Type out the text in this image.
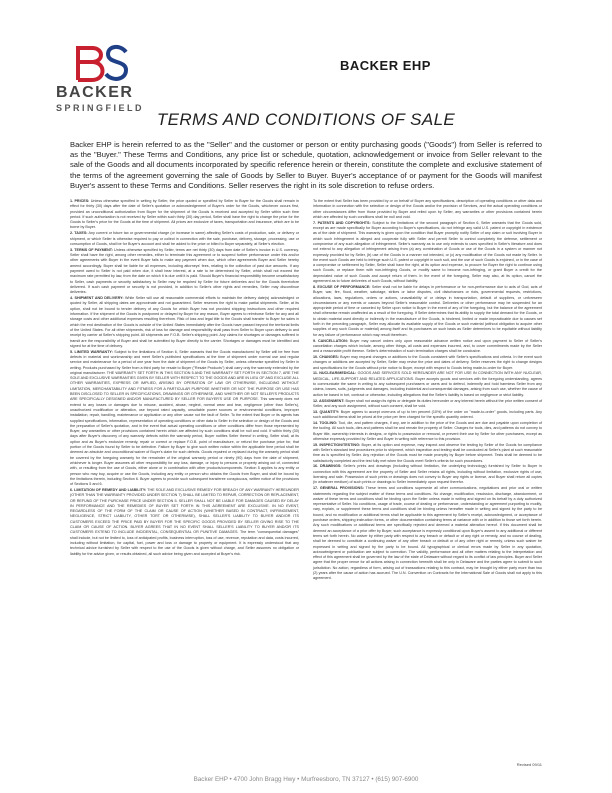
BACKER
SPRINGFIELD
BACKER EHP
TERMS AND CONDITIONS OF SALE
Backer EHP is herein referred to as the "Seller" and the customer or person or entity purchasing goods ("Goods") from Seller is referred to as the "Buyer." These Terms and Conditions, any price list or schedule, quotation, acknowledgement or invoice from Seller relevant to the sale of the Goods and all documents incorporated by specific reference herein or therein, constitute the complete and exclusive statement of the terms of the agreement governing the sale of Goods by Seller to Buyer. Buyer's acceptance of or payment for the Goods will manifest Buyer's assent to these Terms and Conditions. Seller reserves the right in its sole discretion to refuse orders.

1. PRICES: Unless otherwise specified in writing by Seller, the price quoted or specified by Seller to Buyer for the Goods shall remain in effect for thirty (30) days after the date of Seller's quotation or acknowledgement of Buyer's order for the Goods, whichever occurs first, provided an unconditional authorization from Buyer for the shipment of the Goods is received and accepted by Seller within such time period. If such authorization is not received by Seller within such thirty (30) day period, Seller shall have the right to change the price for the Goods to Seller's price for the Goods at the time of shipment. All prices are exclusive of taxes, transportation and insurance, which are to be borne by Buyer.

2. TAXES: Any current or future tax or governmental charge (or increase in same) affecting Seller's costs of production, sale, or delivery or shipment, or which Seller is otherwise required to pay or collect in connection with the sale, purchase, delivery, storage, processing, use or consumption of Goods, shall be for Buyer's account and shall be added to the price or billed to Buyer separately, at Seller's election.

3. TERMS OF PAYMENT: Unless otherwise specified by Seller, terms are net thirty (30) days from date of Seller's invoice in U.S. currency. Seller shall have the right, among other remedies, either to terminate this agreement or to suspend further performance under this and/or other agreements with Buyer in the event Buyer fails to make any payment when due, which other agreements Buyer and Seller hereby amend accordingly. Buyer shall be liable for all expenses, including attorneys' fees, relating to the collection of past due amounts. If any payment owed to Seller is not paid when due, it shall bear interest, at a rate to be determined by Seller, which shall not exceed the maximum rate permitted by law, from the date on which it is due until it is paid. Should Buyer's financial responsibility become unsatisfactory to Seller, cash payments or security satisfactory to Seller may be required by Seller for future deliveries and for the Goods theretofore delivered. If such cash payment or security is not provided, in addition to Seller's other rights and remedies, Seller may discontinue deliveries.

4. SHIPMENT AND DELIVERY: While Seller will use all reasonable commercial efforts to maintain the delivery date(s) acknowledged or quoted by Seller, all shipping dates are approximate and not guaranteed. Seller reserves the right to make partial shipments. Seller, at its option, shall not be bound to tender delivery of any Goods for which Buyer has not provided shipping instructions and other required information. If the shipment of the Goods is postponed or delayed by Buyer for any reason, Buyer agrees to reimburse Seller for any and all storage costs and other additional expenses resulting therefrom. Risk of loss and legal title to the Goods shall transfer to Buyer for sales in which the end destination of the Goods is outside of the United States immediately after the Goods have passed beyond the territorial limits of the United States. For all other shipments, risk of loss for damage and responsibility shall pass from Seller to Buyer upon delivery to and receipt by carrier at Seller's shipping point. All shipments are F.O.B. Seller's shipping point. Any claims for shortages or damages suffered in transit are the responsibility of Buyer and shall be submitted by Buyer directly to the carrier. Shortages or damages must be identified and signed for at the time of delivery.

5. LIMITED WARRANTY: Subject to the limitations of Section 6, Seller warrants that the Goods manufactured by Seller will be free from defects in material and workmanship and meet Seller's published specifications at the time of shipment under normal use and regular service and maintenance for a period of one year from the date of shipment of the Goods by Seller, unless otherwise specified by Seller in writing. Products purchased by Seller from a third party for resale to Buyer ("Resale Products") shall carry only the warranty extended by the original manufacturer. THE WARRANTY SET FORTH IN THIS SECTION 5 AND THE WARRANTY SET FORTH IN SECTION 7, ARE THE SOLE AND EXCLUSIVE WARRANTIES GIVEN BY SELLER WITH RESPECT TO THE GOODS AND ARE IN LIEU OF AND EXCLUDE ALL OTHER WARRANTIES, EXPRESS OR IMPLIED, ARISING BY OPERATION OF LAW OR OTHERWISE, INCLUDING WITHOUT LIMITATION, MERCHANTABILITY AND FITNESS FOR A PARTICULAR PURPOSE WHETHER OR NOT THE PURPOSE OR USE HAS BEEN DISCLOSED TO SELLER IN SPECIFICATIONS, DRAWINGS OR OTHERWISE, AND WHETHER OR NOT SELLER'S PRODUCTS ARE SPECIFICALLY DESIGNED AND/OR MANUFACTURED BY SELLER FOR BUYER'S USE OR PURPOSE. This warranty does not extend to any losses or damages due to misuse, accident, abuse, neglect, normal wear and tear, negligence (other than Seller's), unauthorized modification or alteration, use beyond rated capacity, unsuitable power sources or environmental conditions, improper installation, repair, handling, maintenance or application or any other cause not the fault of Seller. To the extent that Buyer or its agents has supplied specifications, information, representation of operating conditions or other data to Seller in the selection or design of the Goods and the preparation of Seller's quotation, and in the event that actual operating conditions or other conditions differ from those represented by Buyer, any warranties or other provisions contained herein which are affected by such conditions shall be null and void. If within thirty (30) days after Buyer's discovery of any warranty defects within the warranty period, Buyer notifies Seller thereof in writing, Seller shall, at its option and as Buyer's exclusive remedy, repair or correct or replace F.O.B. point of manufacture, or refund the purchase price for, that portion of the Goods found by Seller to be defective. Failure by Buyer to give such written notice within the applicable time period shall be deemed an absolute and unconditional waiver of Buyer's claim for such defects. Goods repaired or replaced during the warranty period shall be covered by the foregoing warranty for the remainder of the original warranty period or ninety (90) days from the date of shipment, whichever is longer. Buyer assumes all other responsibility for any loss, damage, or injury to persons or property arising out of, connected with, or resulting from the use of Goods, either alone or in combination with other products/components. Section 5 applies to any entity or person who may buy, acquire or use the Goods, including any entity or person who obtains the Goods from Buyer, and shall be bound by the limitations therein, including Section 6. Buyer agrees to provide such subsequent transferee conspicuous, written notice of the provisions of Sections 5 and 6.

6. LIMITATION OF REMEDY AND LIABILITY: THE SOLE AND EXCLUSIVE REMEDY FOR BREACH OF ANY WARRANTY HEREUNDER (OTHER THAN THE WARRANTY PROVIDED UNDER SECTION 7) SHALL BE LIMITED TO REPAIR, CORRECTION OR REPLACEMENT, OR REFUND OF THE PURCHASE PRICE UNDER SECTION 5. SELLER SHALL NOT BE LIABLE FOR DAMAGES CAUSED BY DELAY IN PERFORMANCE AND THE REMEDIES OF BUYER SET FORTH IN THIS AGREEMENT ARE EXCLUSIVE. IN NO EVENT, REGARDLESS OF THE FORM OF THE CLAIM OR CAUSE OF ACTION (WHETHER BASED IN CONTRACT, INFRINGEMENT, NEGLIGENCE, STRICT LIABILITY, OTHER TORT OR OTHERWISE), SHALL SELLER'S LIABILITY TO BUYER AND/OR ITS CUSTOMERS EXCEED THE PRICE PAID BY BUYER FOR THE SPECIFIC GOODS PROVIDED BY SELLER GIVING RISE TO THE CLAIM OR CAUSE OF ACTION. BUYER AGREES THAT IN NO EVENT SHALL SELLER'S LIABILITY TO BUYER AND/OR ITS CUSTOMERS EXTEND TO INCLUDE INCIDENTAL, CONSEQUENTIAL OR PUNITIVE DAMAGES. The term "consequential damages" shall include, but not be limited to, loss of anticipated profits, business interruption, loss of use, revenue, reputation and data, costs incurred, including without limitation, for capital, fuel, power and loss or damage to property or equipment. It is expressly understood that any technical advice furnished by Seller with respect to the use of the Goods is given without charge, and Seller assumes no obligation or liability for the advice given, or results obtained, all such advice being given and accepted at Buyer's risk.

To the extent that Seller has been provided by or on behalf of Buyer any specifications, description of operating conditions or other data and information in connection with the selection or design of the Goods and/or the provision of Services, and the actual operating conditions or other circumstances differ from those provided by Buyer and relied upon by Seller, any warranties or other provisions contained herein which are affected by such conditions shall be null and void.

7. PATENTS AND COPYRIGHTS: Subject to the limitations of the second paragraph of Section 6, Seller warrants that the Goods sold, except as are made specifically for Buyer according to Buyer's specifications, do not infringe any valid U.S. patent or copyright in existence as of the date of shipment. This warranty is given upon the condition that Buyer promptly notify Seller of any claim or suit involving Buyer in which such infringement is alleged and cooperate fully with Seller and permit Seller to control completely the defense, settlement or compromise of any such allegation of infringement. Seller's warranty as to use only extends to uses specified in Seller's literature and does not extend to any allegation of infringement arising from (a) any combination of Goods or use of the Goods in a system or manner not expressly provided for by Seller, (b) use of the Goods in a manner not intended, or (c) any modification of the Goods not made by Seller. In the event such Goods are held to infringe such U.S. patent or copyright in such suit, and the use of such Goods is enjoined, or in the case of a compromise or settlement by Seller, Seller shall have the right, at its option and expense, to procure for Buyer the right to continue using such Goods, or replace them with non-infringing Goods, or modify same to become non-infringing, or grant Buyer a credit for the depreciated value of such Goods and accept return of them. In the event of the foregoing, Seller may also, at its option, cancel the agreement as to future deliveries of such Goods, without liability.

8. EXCUSE OF PERFORMANCE: Seller shall not be liable for delays in performance or for non-performance due to acts of God, acts of Buyer, war, fire, flood, weather, sabotage, strikes or labor disputes, civil disturbances or riots, governmental requests, restrictions, allocations, laws, regulations, orders or actions, unavailability of or delays in transportation, default of suppliers, or unforeseen circumstances or any events or causes beyond Seller's reasonable control. Deliveries or other performance may be suspended for an appropriate period of time or canceled by Seller upon notice to Buyer in the event of any of the foregoing, but the balance of the agreement shall otherwise remain unaffected as a result of the foregoing. If Seller determines that its ability to supply the total demand for the Goods, or to obtain material used directly or indirectly in the manufacture of the Goods, is hindered, limited or made impracticable due to causes set forth in the preceding paragraph, Seller may allocate its available supply of the Goods or such material (without obligation to acquire other supplies of any such Goods or material) among itself and its purchasers on such basis as Seller determines to be equitable without liability for any failure of performance which may result therefrom.

9. CANCELLATION: Buyer may cancel orders only upon reasonable advance written notice and upon payment to Seller of Seller's cancellation charges which include, among other things, all costs and expenses incurred, and, to cover commitments made by the Seller and a reasonable profit thereon. Seller's determination of such termination charges shall be conclusive.

10. CHANGES: Buyer may request changes or additions to the Goods consistent with Seller's specifications and criteria. In the event such changes or additions are accepted by Seller, Seller may revise the price and dates of delivery. Seller reserves the right to change designs and specifications for the Goods without prior notice to Buyer, except with respect to Goods being made-to-order for Buyer.

11. NUCLEAR/MEDICAL: GOODS AND SERVICES SOLD HEREUNDER ARE NOT FOR USE IN CONNECTION WITH ANY NUCLEAR, MEDICAL, LIFE-SUPPORT AND RELATED APPLICATIONS. Buyer accepts goods and services with the foregoing understanding, agrees to communicate the same in writing to any subsequent purchasers or users and to defend, indemnify and hold harmless Seller from any claims, losses, suits, judgments and damages, including incidental and consequential damages, arising from such use, whether the cause of action be based in tort, contract or otherwise, including allegations that the Seller's liability is based on negligence or strict liability.

12. ASSIGNMENT: Buyer shall not assign its rights or delegate its duties hereunder or any interest herein without the prior written consent of Seller, and any such assignment, without such consent, shall be void.

13. QUANTITY: Buyer agrees to accept overruns of up to ten percent (10%) of the order on "made-to-order" goods, including parts. Any such additional items shall be priced at the price per item charged for the specific quantity ordered.

14. TOOLING: Tool, die, and pattern charges, if any, are in addition to the price of the Goods and are due and payable upon completion of the tooling. All such tools, dies and patterns shall be and remain the property of Seller. Charges for tools, dies, and patterns do not convey to Buyer title, ownership interests in designs, or rights to possession or removal, or prevent their use by Seller for other purchasers, except as otherwise expressly provided by Seller and Buyer in writing with reference to this provision.

15. INSPECTION/TESTING: Buyer, at its option and expense, may inspect and observe the testing by Seller of the Goods for compliance with Seller's standard test procedures prior to shipment, which inspection and testing shall be conducted at Seller's plant at such reasonable time as is specified by Seller. Any rejection of the Goods must be made promptly by Buyer before shipment. Tests shall be deemed to be satisfactorily completed and the test fully met when the Goods meet Seller's criteria for such procedures.

16. DRAWINGS: Seller's prints and drawings (including without limitation, the underlying technology) furnished by Seller to Buyer in connection with this agreement are the property of Seller and Seller retains all rights, including without limitation, exclusive rights of use, licensing and sale. Possession of such prints or drawings does not convey to Buyer any rights or license, and Buyer shall return all copies (in whatever medium) of such prints or drawings to Seller immediately upon request therefor.

17. GENERAL PROVISIONS: These terms and conditions supersede all other communications, negotiations and prior oral or written statements regarding the subject matter of these terms and conditions. No change, modification, rescission, discharge, abandonment, or waiver of these terms and conditions shall be binding upon the Seller unless made in writing and signed on its behalf by a duly authorized representative of Seller. No conditions, usage of trade, course of dealing or performance, understanding or agreement purporting to modify, vary, explain, or supplement these terms and conditions shall be binding unless hereafter made in writing and signed by the party to be bound, and no modification or additional terms shall be applicable to this agreement by Seller's receipt, acknowledgment, or acceptance of purchase orders, shipping instruction forms, or other documentation containing terms at variance with or in addition to those set forth herein. Any such modifications or additional terms are specifically rejected and deemed a material alteration hereof. If this document shall be deemed an acceptance of a prior offer by Buyer, such acceptance is expressly conditional upon Buyer's assent to any additional or different terms set forth herein. No waiver by either party with respect to any breach or default or of any right or remedy, and no course of dealing, shall be deemed to constitute a continuing waiver of any other breach or default or of any other right or remedy, unless such waiver be expressed in writing and signed by the party to be bound. All typographical or clerical errors made by Seller in any quotation, acknowledgment or publication are subject to correction. The validity, performance and all other matters relating to the interpretation and effect of this agreement shall be governed by the law of the state of Delaware without regard to its conflict of law principles. Buyer and Seller agree that the proper venue for all actions arising in connection herewith shall be only in Delaware and the parties agree to submit to such jurisdiction. No action, regardless of form, arising out of transactions relating to this contract, may be brought by either party more than two (2) years after the cause of action has accrued. The U.N. Convention on Contracts for the International Sale of Goods shall not apply to this agreement.

Revised 09/11
Backer EHP • 4700 John Bragg Hwy • Murfreesboro, TN 37127 • (615) 907-6900
